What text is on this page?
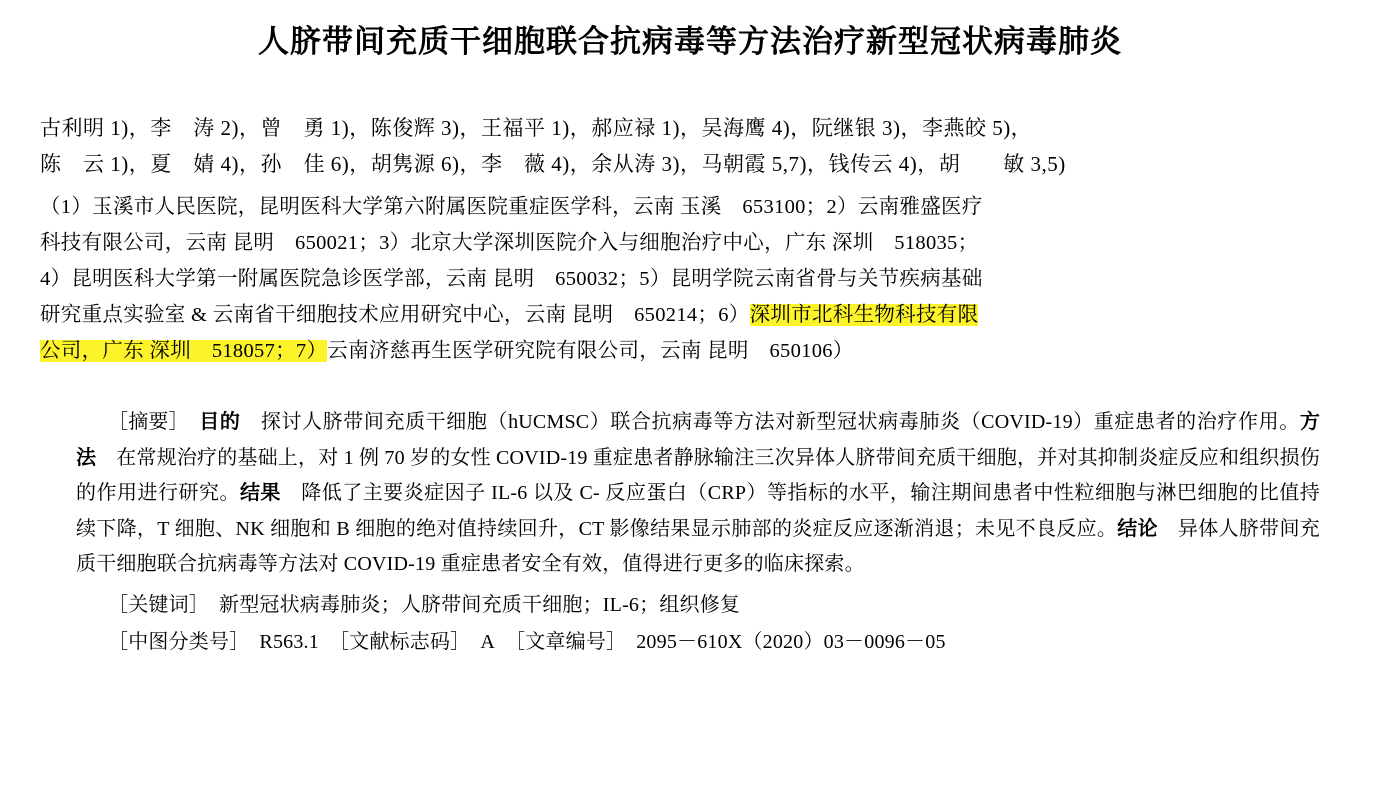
人脐带间充质干细胞联合抗病毒等方法治疗新型冠状病毒肺炎
古利明 1)，李　涛 2)，曾　勇 1)，陈俊辉 3)，王福平 1)，郝应禄 1)，吴海鹰 4)，阮继银 3)，李燕皎 5)，
陈　云 1)，夏　婧 4)，孙　佳 6)，胡隽源 6)，李　薇 4)，余从涛 3)，马朝霞 5,7)，钱传云 4)，胡　　敏 3,5)
（1）玉溪市人民医院，昆明医科大学第六附属医院重症医学科，云南 玉溪　653100；2）云南雅盛医疗
科技有限公司，云南 昆明　650021；3）北京大学深圳医院介入与细胞治疗中心，广东 深圳　518035；
4）昆明医科大学第一附属医院急诊医学部，云南 昆明　650032；5）昆明学院云南省骨与关节疾病基础
研究重点实验室 & 云南省干细胞技术应用研究中心，云南 昆明　650214；6）深圳市北科生物科技有限
公司，广东 深圳　518057；7）云南济慈再生医学研究院有限公司，云南 昆明　650106）

［摘要］ 目的 探讨人脐带间充质干细胞（hUCMSC）联合抗病毒等方法对新型冠状病毒肺炎（COVID-19）重症患者的治疗作用。方法 在常规治疗的基础上，对 1 例 70 岁的女性 COVID-19 重症患者静脉输注三次异体人脐带间充质干细胞，并对其抑制炎症反应和组织损伤的作用进行研究。结果 降低了主要炎症因子 IL-6 以及 C- 反应蛋白（CRP）等指标的水平，输注期间患者中性粒细胞与淋巴细胞的比值持续下降，T 细胞、NK 细胞和 B 细胞的绝对值持续回升，CT 影像结果显示肺部的炎症反应逐渐消退；未见不良反应。结论 异体人脐带间充质干细胞联合抗病毒等方法对 COVID-19 重症患者安全有效，值得进行更多的临床探索。

［关键词］ 新型冠状病毒肺炎；人脐带间充质干细胞；IL-6；组织修复
［中图分类号］ R563.1 ［文献标志码］ A ［文章编号］ 2095－610X（2020）03－0096－05
